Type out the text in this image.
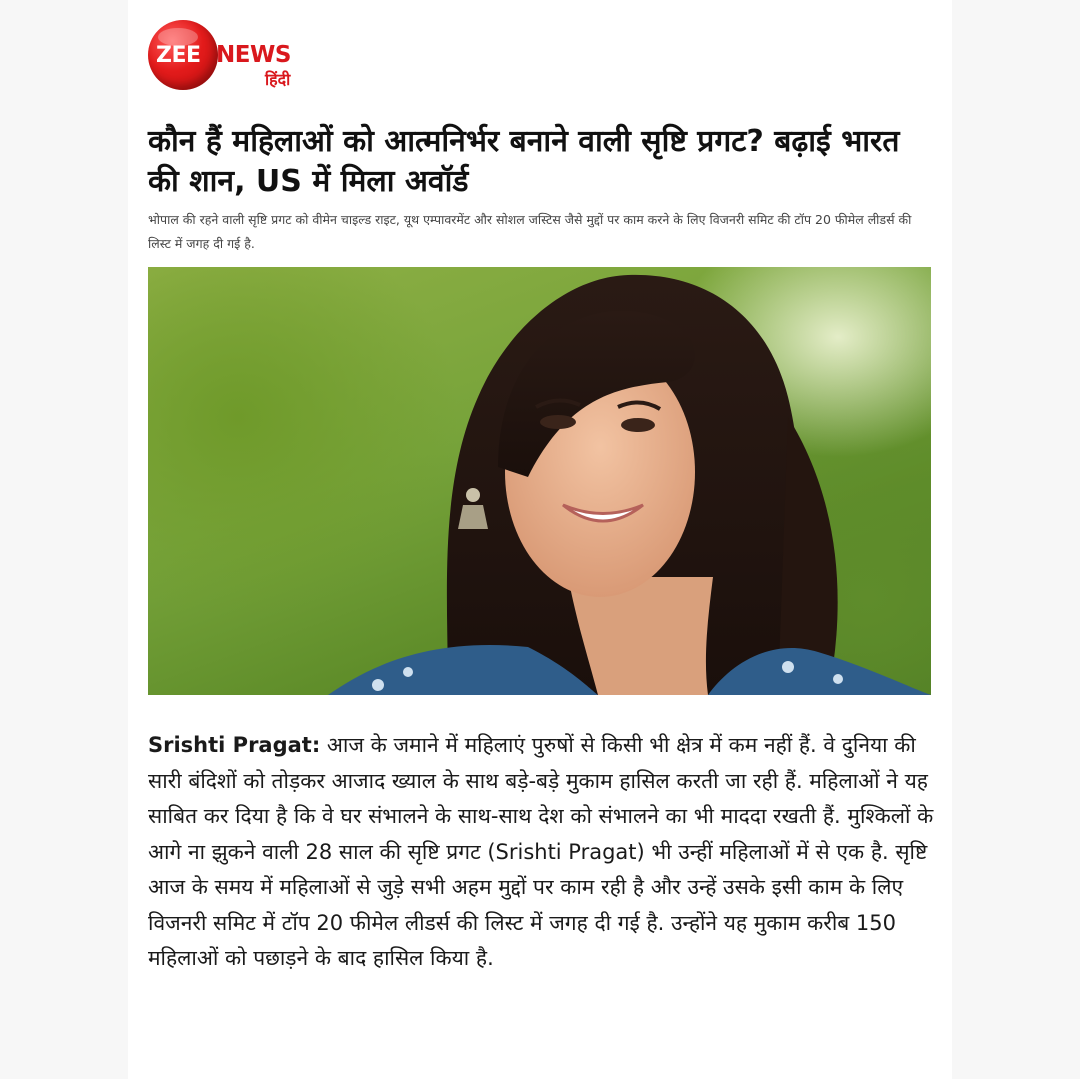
ZEE NEWS
हिंदी
कौन हैं महिलाओं को आत्मनिर्भर बनाने वाली सृष्टि प्रगट? बढ़ाई भारत की शान, US में मिला अवॉर्ड

भोपाल की रहने वाली सृष्टि प्रगट को वीमेन चाइल्ड राइट, यूथ एम्पावरमेंट और सोशल जस्टिस जैसे मुद्दों पर काम करने के लिए विजनरी समिट की टॉप 20 फीमेल लीडर्स की लिस्ट में जगह दी गई है.

Srishti Pragat: आज के जमाने में महिलाएं पुरुषों से किसी भी क्षेत्र में कम नहीं हैं. वे दुनिया की सारी बंदिशों को तोड़कर आजाद ख्याल के साथ बड़े-बड़े मुकाम हासिल करती जा रही हैं. महिलाओं ने यह साबित कर दिया है कि वे घर संभालने के साथ-साथ देश को संभालने का भी माददा रखती हैं. मुश्किलों के आगे ना झुकने वाली 28 साल की सृष्टि प्रगट (Srishti Pragat) भी उन्हीं महिलाओं में से एक है. सृष्टि आज के समय में महिलाओं से जुड़े सभी अहम मुद्दों पर काम रही है और उन्हें उसके इसी काम के लिए विजनरी समिट में टॉप 20 फीमेल लीडर्स की लिस्ट में जगह दी गई है. उन्होंने यह मुकाम करीब 150 महिलाओं को पछाड़ने के बाद हासिल किया है.
